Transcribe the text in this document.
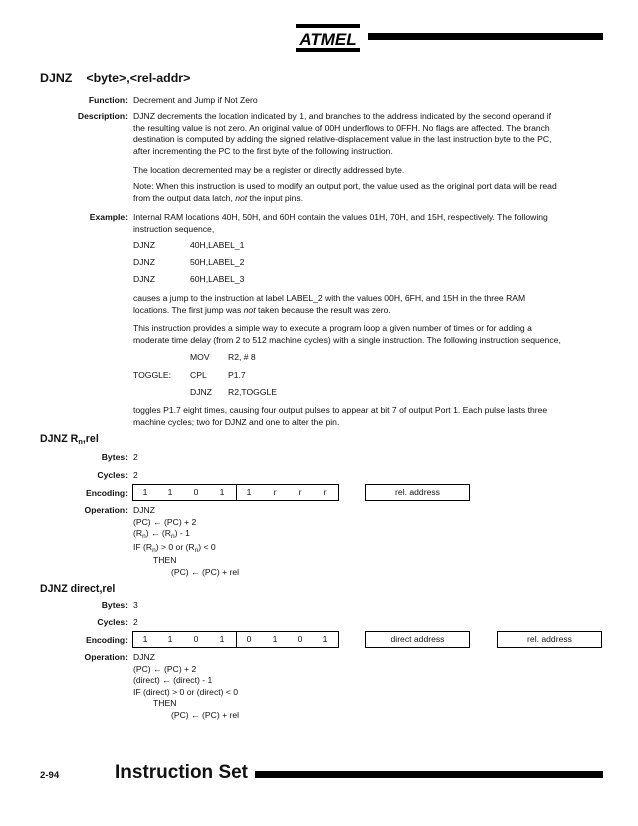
ATMEL
DJNZ <byte>,<rel-addr>
Function: Decrement and Jump if Not Zero
Description: DJNZ decrements the location indicated by 1, and branches to the address indicated by the second operand if
the resulting value is not zero. An original value of 00H underflows to 0FFH. No flags are affected. The branch
destination is computed by adding the signed relative-displacement value in the last instruction byte to the PC,
after incrementing the PC to the first byte of the following instruction.
The location decremented may be a register or directly addressed byte.
Note: When this instruction is used to modify an output port, the value used as the original port data will be read
from the output data latch, not the input pins.
Example: Internal RAM locations 40H, 50H, and 60H contain the values 01H, 70H, and 15H, respectively. The following
instruction sequence,
DJNZ	40H,LABEL_1
DJNZ	50H,LABEL_2
DJNZ	60H,LABEL_3
causes a jump to the instruction at label LABEL_2 with the values 00H, 6FH, and 15H in the three RAM
locations. The first jump was not taken because the result was zero.
This instruction provides a simple way to execute a program loop a given number of times or for adding a
moderate time delay (from 2 to 512 machine cycles) with a single instruction. The following instruction sequence,
MOV R2, # 8
TOGGLE: CPL P1.7
DJNZ R2,TOGGLE
toggles P1.7 eight times, causing four output pulses to appear at bit 7 of output Port 1. Each pulse lasts three
machine cycles; two for DJNZ and one to alter the pin.
DJNZ $R_n,rel$
Bytes: 2
Cycles: 2
Encoding:	1	1	0	1	1	r	r	r	rel. address
Operation: DJNZ
(PC) ← (PC) + 2
$(R_n)$ ← $(R_n) - 1$
IF $(R_n) > 0$ or $(R_n) < 0$
THEN
(PC) ← (PC) + rel
DJNZ direct,rel
Bytes: 3
Cycles: 2
Encoding:	1	1	0	1	0	1	0	1	direct address	rel. address
Operation: DJNZ
(PC) ← (PC) + 2
(direct) ← (direct) - 1
IF (direct) > 0 or (direct) < 0
THEN
(PC) ← (PC) + rel
2-94	Instruction Set
